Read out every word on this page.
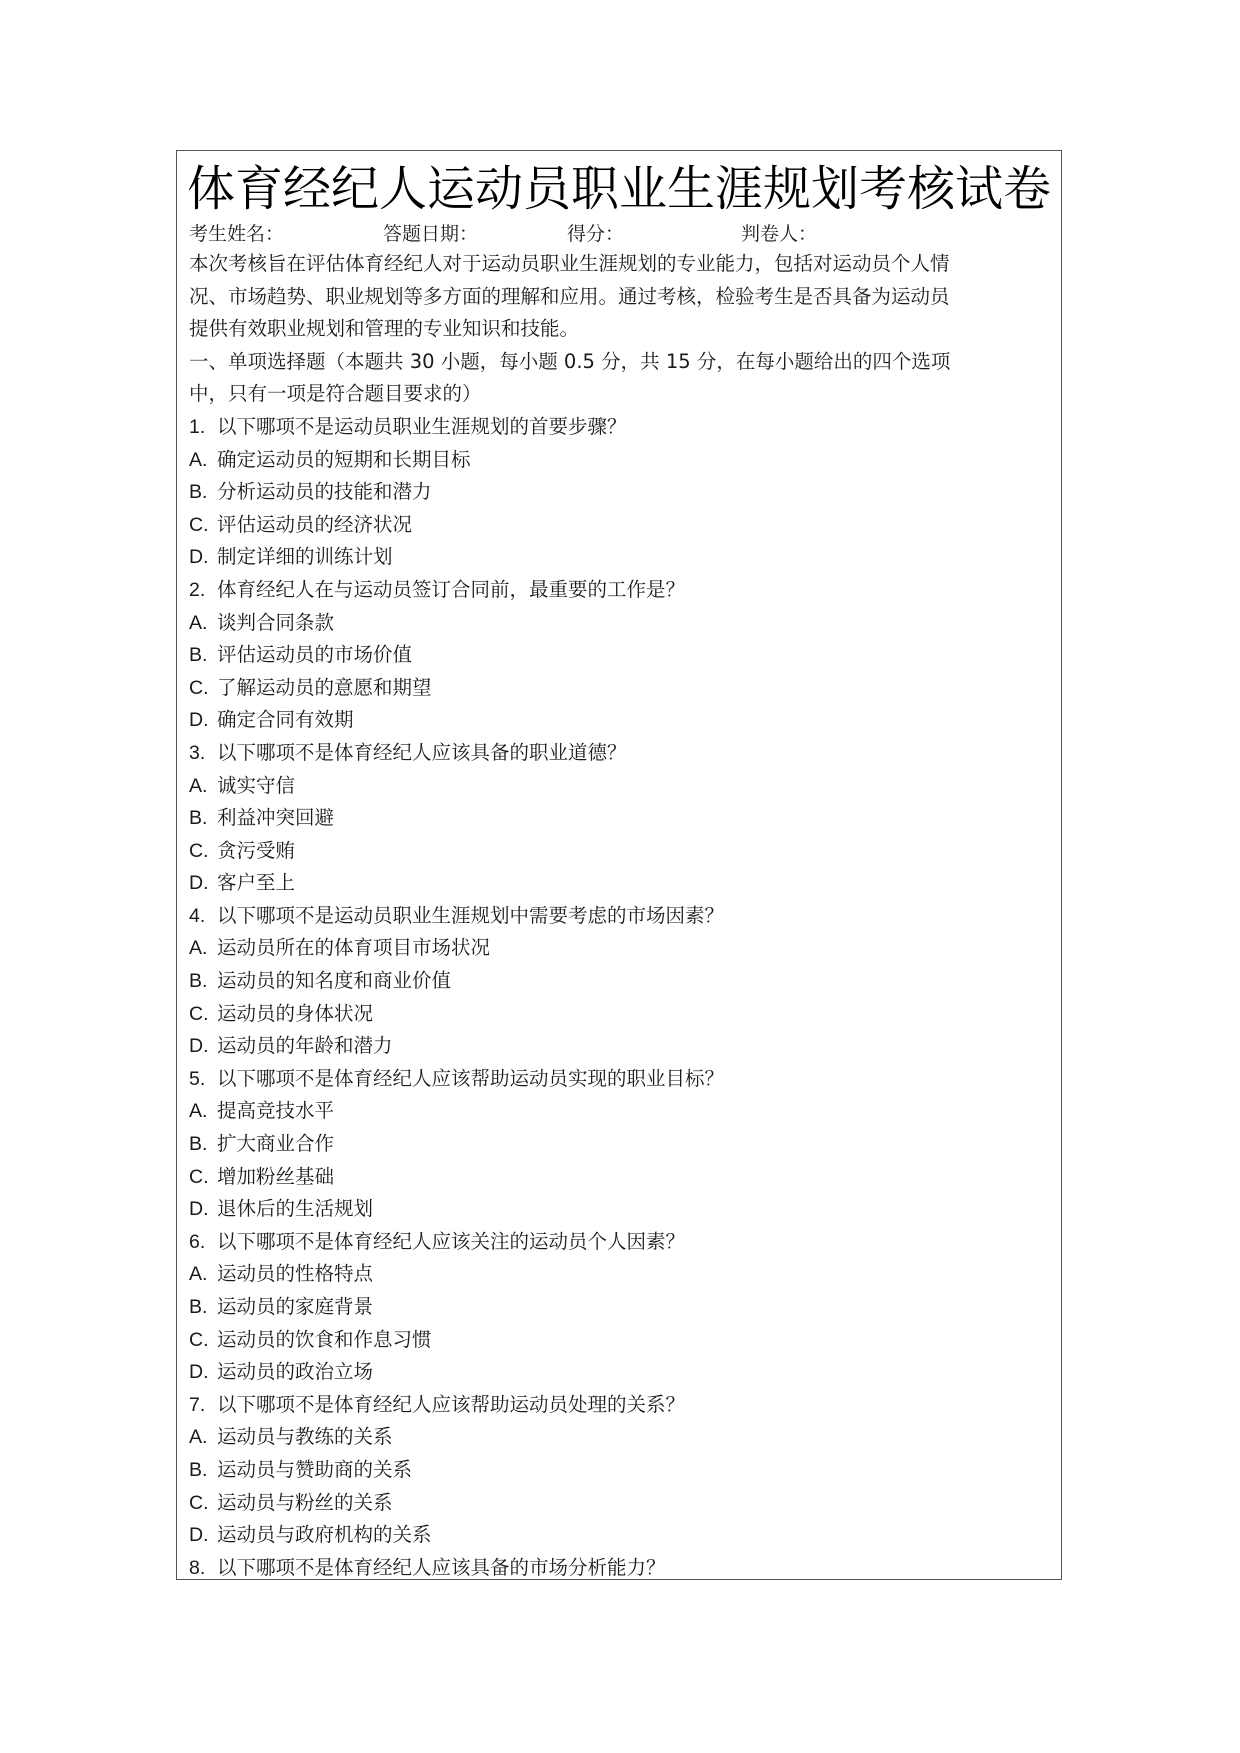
体育经纪人运动员职业生涯规划考核试卷

考生姓名：

	答题日期：

	得分：

	判卷人：

本次考核旨在评估体育经纪人对于运动员职业生涯规划的专业能力，包括对运动员个人情
况、市场趋势、职业规划等多方面的理解和应用。通过考核，检验考生是否具备为运动员
提供有效职业规划和管理的专业知识和技能。
一、单项选择题（本题共 30 小题，每小题 0.5 分，共 15 分，在每小题给出的四个选项
中，只有一项是符合题目要求的）
1. 以下哪项不是运动员职业生涯规划的首要步骤？
A. 确定运动员的短期和长期目标
B. 分析运动员的技能和潜力
C. 评估运动员的经济状况
D. 制定详细的训练计划
2. 体育经纪人在与运动员签订合同前，最重要的工作是？
A. 谈判合同条款
B. 评估运动员的市场价值
C. 了解运动员的意愿和期望
D. 确定合同有效期
3. 以下哪项不是体育经纪人应该具备的职业道德？
A. 诚实守信
B. 利益冲突回避
C. 贪污受贿
D. 客户至上
4. 以下哪项不是运动员职业生涯规划中需要考虑的市场因素？
A. 运动员所在的体育项目市场状况
B. 运动员的知名度和商业价值
C. 运动员的身体状况
D. 运动员的年龄和潜力
5. 以下哪项不是体育经纪人应该帮助运动员实现的职业目标？
A. 提高竞技水平
B. 扩大商业合作
C. 增加粉丝基础
D. 退休后的生活规划
6. 以下哪项不是体育经纪人应该关注的运动员个人因素？
A. 运动员的性格特点
B. 运动员的家庭背景
C. 运动员的饮食和作息习惯
D. 运动员的政治立场
7. 以下哪项不是体育经纪人应该帮助运动员处理的关系？
A. 运动员与教练的关系
B. 运动员与赞助商的关系
C. 运动员与粉丝的关系
D. 运动员与政府机构的关系
8. 以下哪项不是体育经纪人应该具备的市场分析能力？
